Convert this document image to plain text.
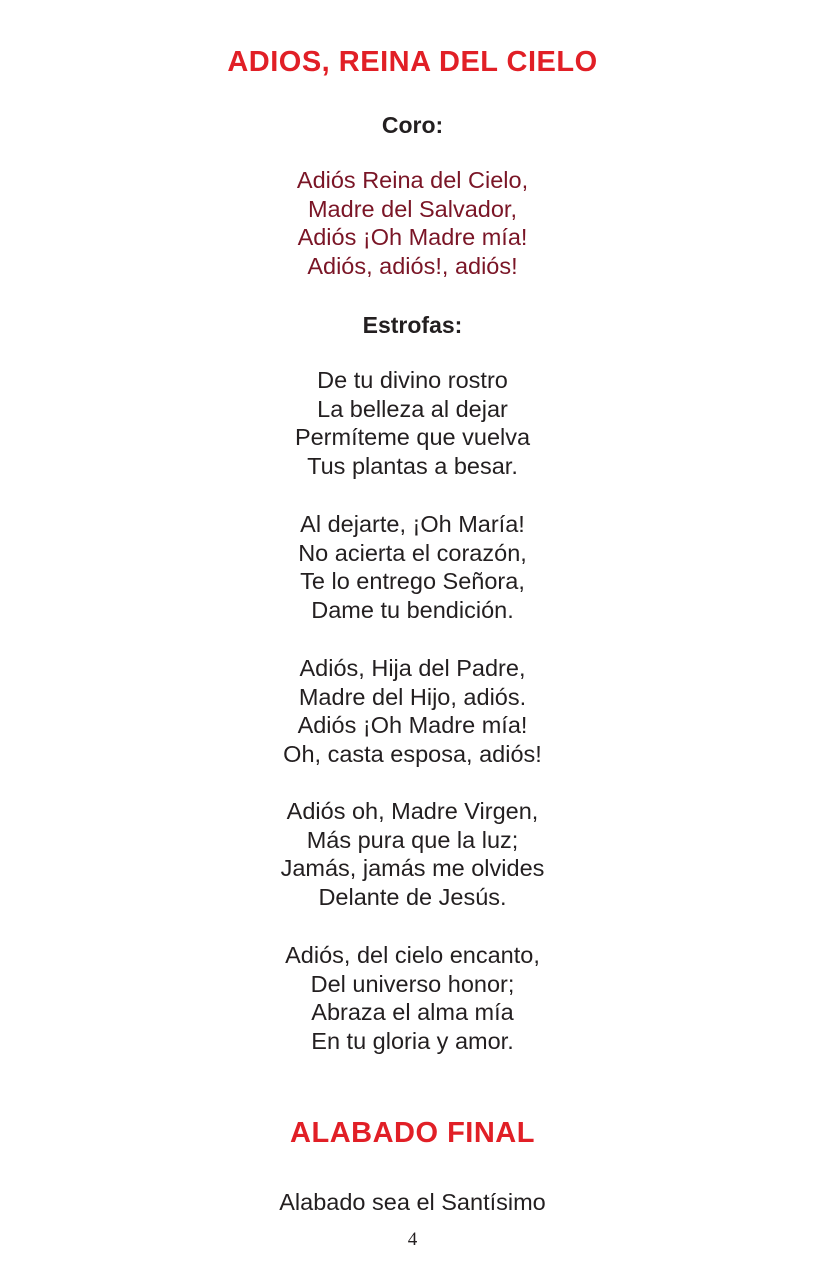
ADIOS, REINA DEL CIELO
Coro:
Adiós Reina del Cielo,
Madre del Salvador,
Adiós ¡Oh Madre mía!
Adiós, adiós!, adiós!
Estrofas:
De tu divino rostro
La belleza al dejar
Permíteme que vuelva
Tus plantas a besar.
Al dejarte, ¡Oh María!
No acierta el corazón,
Te lo entrego Señora,
Dame tu bendición.
Adiós, Hija del Padre,
Madre del Hijo, adiós.
Adiós ¡Oh Madre mía!
Oh, casta esposa, adiós!
Adiós oh, Madre Virgen,
Más pura que la luz;
Jamás, jamás me olvides
Delante de Jesús.
Adiós, del cielo encanto,
Del universo honor;
Abraza el alma mía
En tu gloria y amor.
ALABADO FINAL
Alabado sea el Santísimo
4
